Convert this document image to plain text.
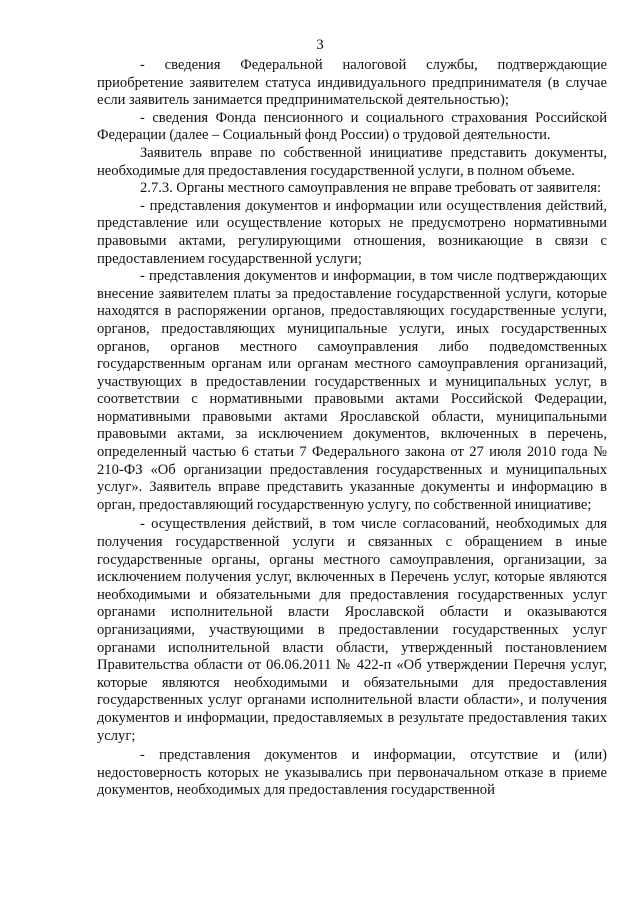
3

- сведения Федеральной налоговой службы, подтверждающие приобретение заявителем статуса индивидуального предпринимателя (в случае если заявитель занимается предпринимательской деятельностью);

- сведения Фонда пенсионного и социального страхования Российской Федерации (далее – Социальный фонд России) о трудовой деятельности.

Заявитель вправе по собственной инициативе представить документы, необходимые для предоставления государственной услуги, в полном объеме.

2.7.3. Органы местного самоуправления не вправе требовать от заявителя:

- представления документов и информации или осуществления действий, представление или осуществление которых не предусмотрено нормативными правовыми актами, регулирующими отношения, возникающие в связи с предоставлением государственной услуги;

- представления документов и информации, в том числе подтверждающих внесение заявителем платы за предоставление государственной услуги, которые находятся в распоряжении органов, предоставляющих государственные услуги, органов, предоставляющих муниципальные услуги, иных государственных органов, органов местного самоуправления либо подведомственных государственным органам или органам местного самоуправления организаций, участвующих в предоставлении государственных и муниципальных услуг, в соответствии с нормативными правовыми актами Российской Федерации, нормативными правовыми актами Ярославской области, муниципальными правовыми актами, за исключением документов, включенных в перечень, определенный частью 6 статьи 7 Федерального закона от 27 июля 2010 года № 210-ФЗ «Об организации предоставления государственных и муниципальных услуг». Заявитель вправе представить указанные документы и информацию в орган, предоставляющий государственную услугу, по собственной инициативе;

- осуществления действий, в том числе согласований, необходимых для получения государственной услуги и связанных с обращением в иные государственные органы, органы местного самоуправления, организации, за исключением получения услуг, включенных в Перечень услуг, которые являются необходимыми и обязательными для предоставления государственных услуг органами исполнительной власти Ярославской области и оказываются организациями, участвующими в предоставлении государственных услуг органами исполнительной власти области, утвержденный постановлением Правительства области от 06.06.2011 № 422-п «Об утверждении Перечня услуг, которые являются необходимыми и обязательными для предоставления государственных услуг органами исполнительной власти области», и получения документов и информации, предоставляемых в результате предоставления таких услуг;

- представления документов и информации, отсутствие и (или) недостоверность которых не указывались при первоначальном отказе в приеме документов, необходимых для предоставления государственной
